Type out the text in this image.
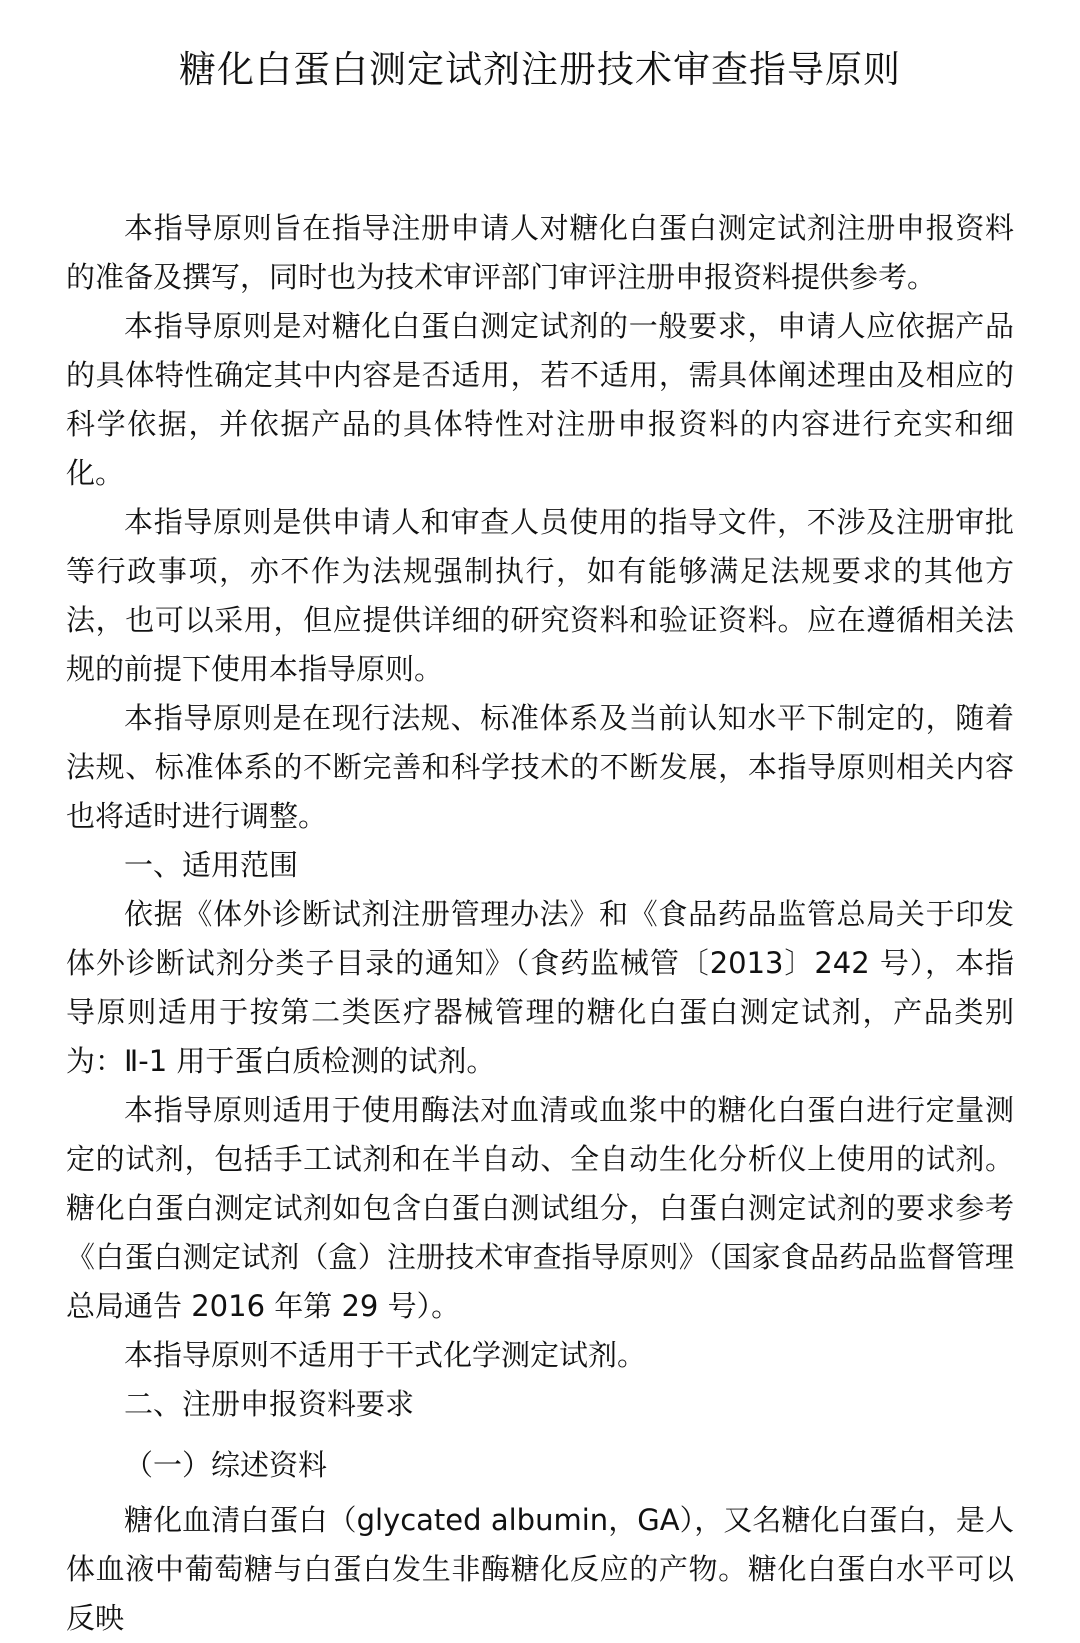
糖化白蛋白测定试剂注册技术审查指导原则

本指导原则旨在指导注册申请人对糖化白蛋白测定试剂注册申报资料的准备及撰写，同时也为技术审评部门审评注册申报资料提供参考。

本指导原则是对糖化白蛋白测定试剂的一般要求，申请人应依据产品的具体特性确定其中内容是否适用，若不适用，需具体阐述理由及相应的科学依据，并依据产品的具体特性对注册申报资料的内容进行充实和细化。

本指导原则是供申请人和审查人员使用的指导文件，不涉及注册审批等行政事项，亦不作为法规强制执行，如有能够满足法规要求的其他方法，也可以采用，但应提供详细的研究资料和验证资料。应在遵循相关法规的前提下使用本指导原则。

本指导原则是在现行法规、标准体系及当前认知水平下制定的，随着法规、标准体系的不断完善和科学技术的不断发展，本指导原则相关内容也将适时进行调整。

一、适用范围

依据《体外诊断试剂注册管理办法》和《食品药品监管总局关于印发体外诊断试剂分类子目录的通知》（食药监械管〔2013〕242 号），本指导原则适用于按第二类医疗器械管理的糖化白蛋白测定试剂，产品类别为：Ⅱ-1 用于蛋白质检测的试剂。

本指导原则适用于使用酶法对血清或血浆中的糖化白蛋白进行定量测定的试剂，包括手工试剂和在半自动、全自动生化分析仪上使用的试剂。糖化白蛋白测定试剂如包含白蛋白测试组分，白蛋白测定试剂的要求参考《白蛋白测定试剂（盒）注册技术审查指导原则》（国家食品药品监督管理总局通告 2016 年第 29 号）。

本指导原则不适用于干式化学测定试剂。

二、注册申报资料要求

（一）综述资料

糖化血清白蛋白（glycated albumin，GA），又名糖化白蛋白，是人体血液中葡萄糖与白蛋白发生非酶糖化反应的产物。糖化白蛋白水平可以反映
